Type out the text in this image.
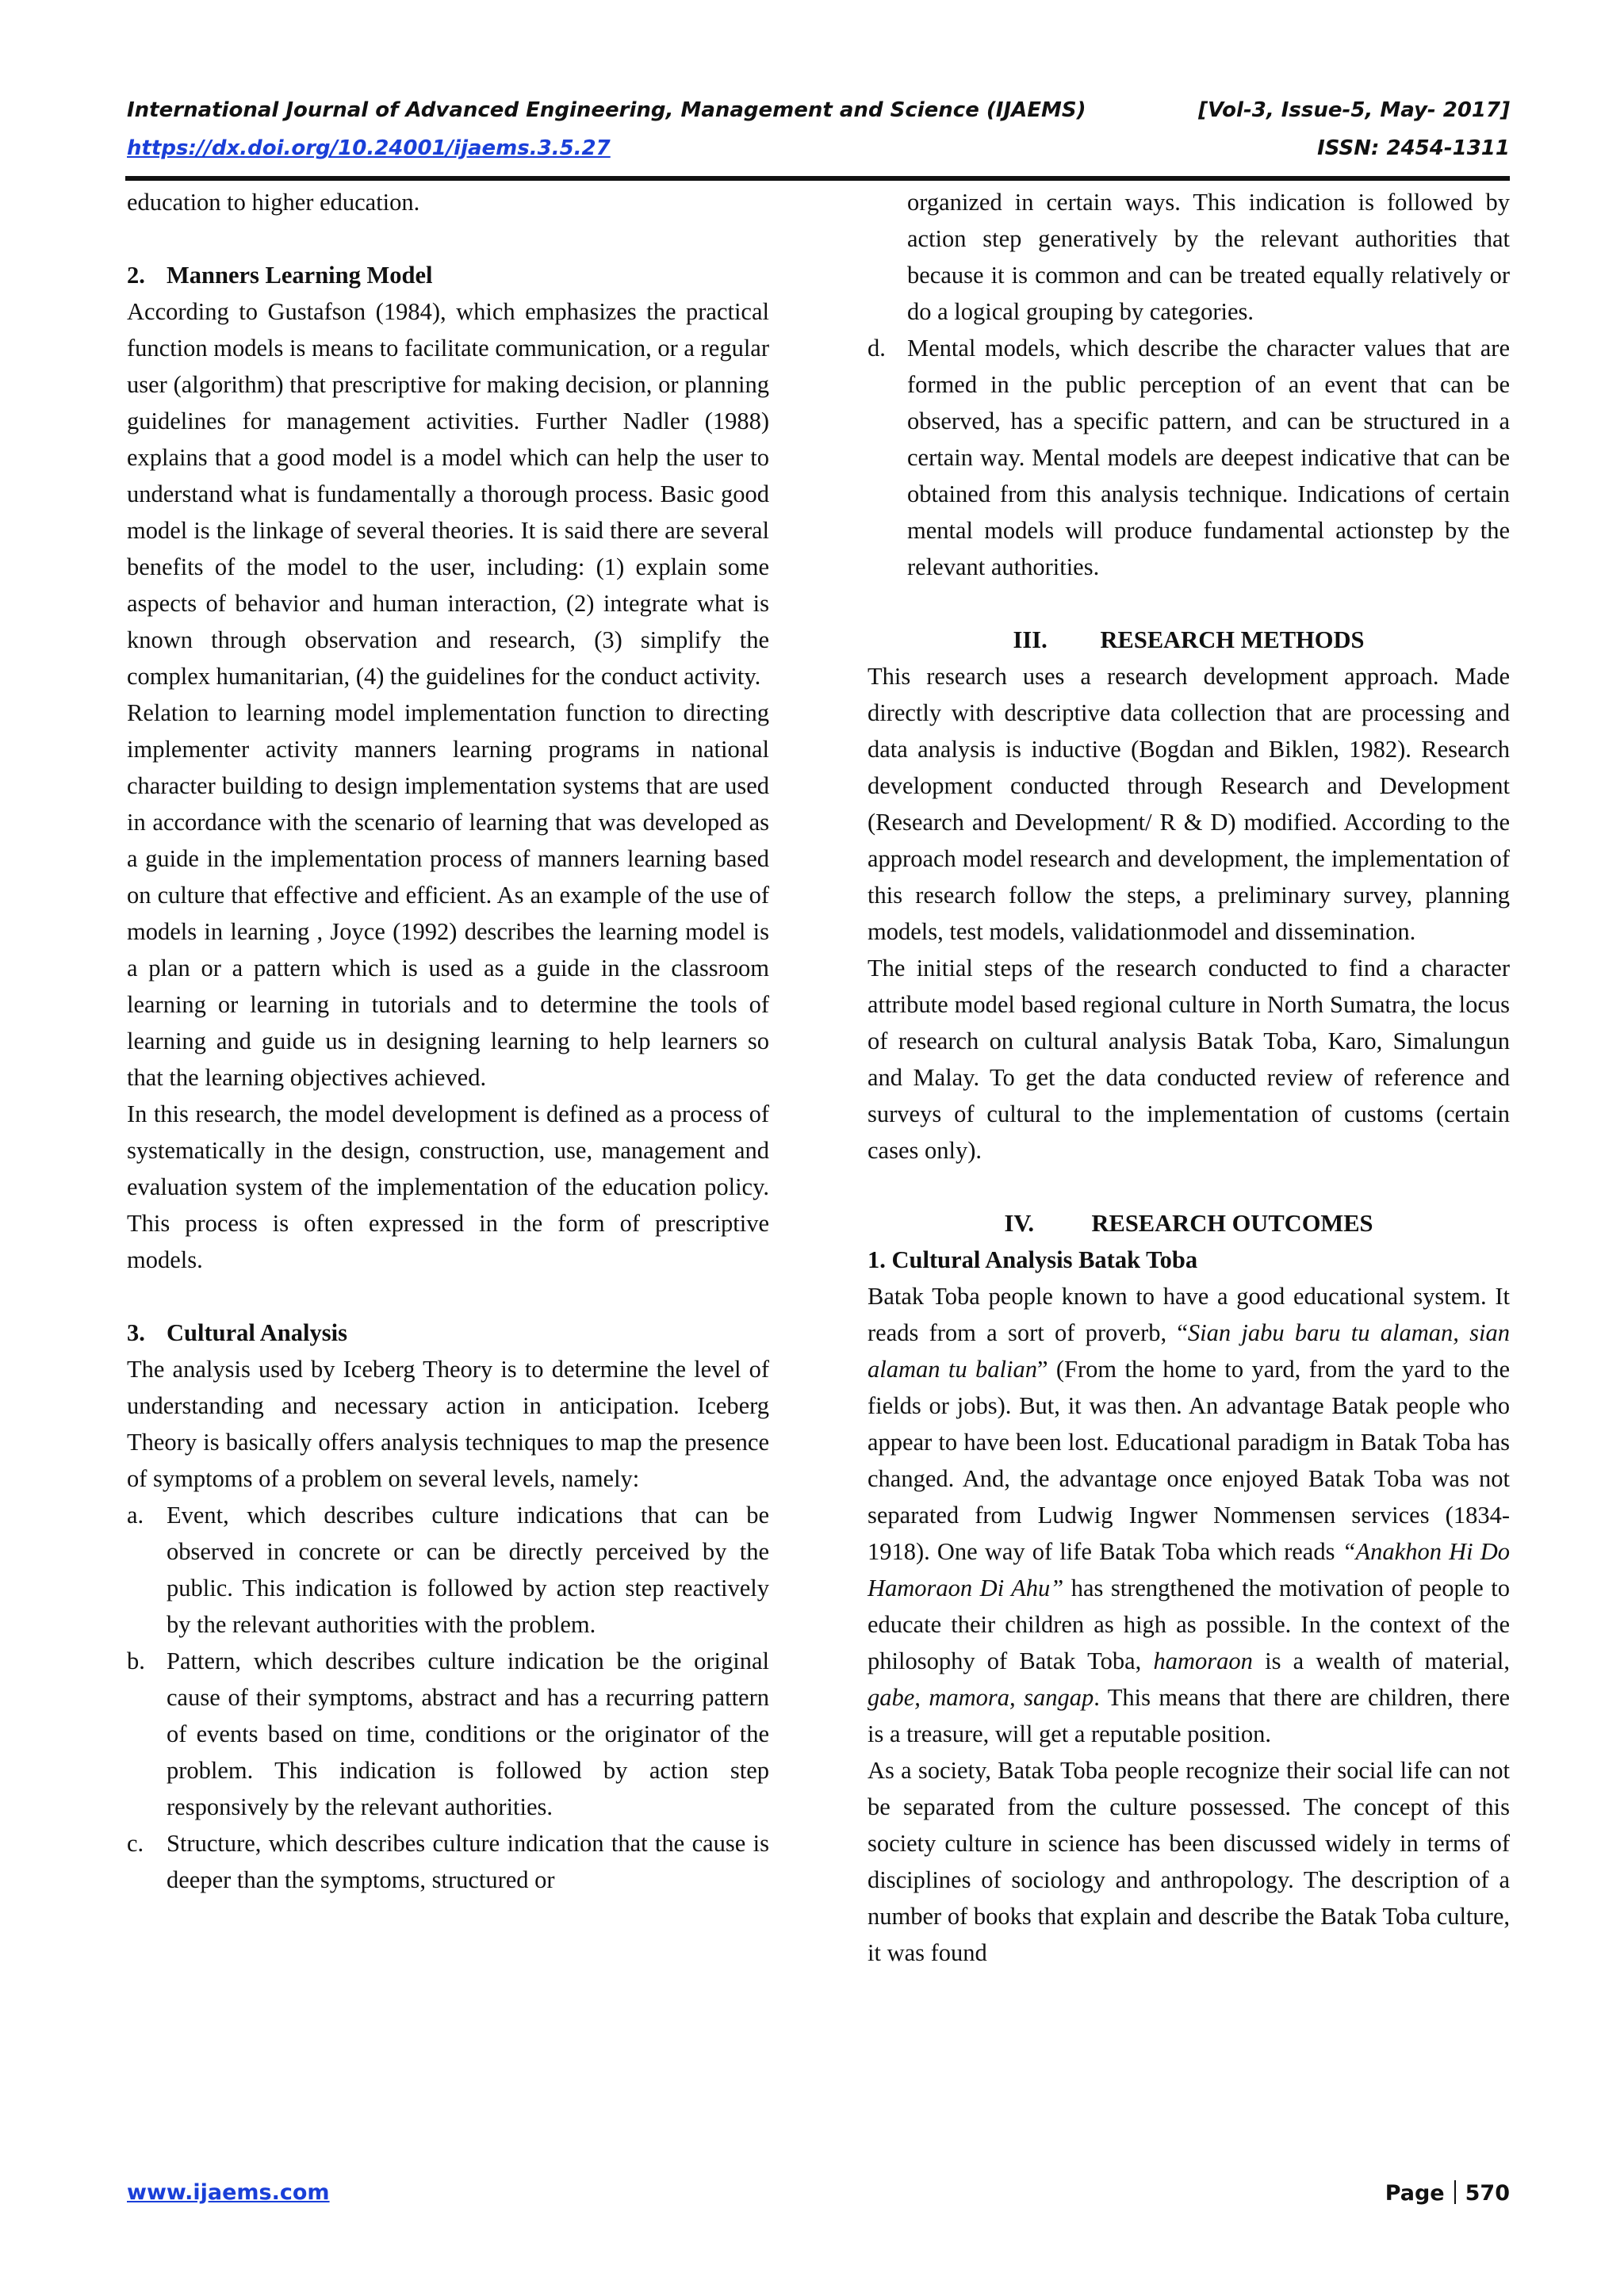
International Journal of Advanced Engineering, Management and Science (IJAEMS)	[Vol-3, Issue-5, May- 2017]
https://dx.doi.org/10.24001/ijaems.3.5.27	ISSN: 2454-1311

education to higher education.

2. Manners Learning Model

According to Gustafson (1984), which emphasizes the practical function models is means to facilitate communication, or a regular user (algorithm) that prescriptive for making decision, or planning guidelines for management activities. Further Nadler (1988) explains that a good model is a model which can help the user to understand what is fundamentally a thorough process. Basic good model is the linkage of several theories. It is said there are several benefits of the model to the user, including: (1) explain some aspects of behavior and human interaction, (2) integrate what is known through observation and research, (3) simplify the complex humanitarian, (4) the guidelines for the conduct activity.

Relation to learning model implementation function to directing implementer activity manners learning programs in national character building to design implementation systems that are used in accordance with the scenario of learning that was developed as a guide in the implementation process of manners learning based on culture that effective and efficient. As an example of the use of models in learning , Joyce (1992) describes the learning model is a plan or a pattern which is used as a guide in the classroom learning or learning in tutorials and to determine the tools of learning and guide us in designing learning to help learners so that the learning objectives achieved.

In this research, the model development is defined as a process of systematically in the design, construction, use, management and evaluation system of the implementation of the education policy. This process is often expressed in the form of prescriptive models.

3. Cultural Analysis

The analysis used by Iceberg Theory is to determine the level of understanding and necessary action in anticipation. Iceberg Theory is basically offers analysis techniques to map the presence of symptoms of a problem on several levels, namely:

a. Event, which describes culture indications that can be observed in concrete or can be directly perceived by the public. This indication is followed by action step reactively by the relevant authorities with the problem.

b. Pattern, which describes culture indication be the original cause of their symptoms, abstract and has a recurring pattern of events based on time, conditions or the originator of the problem. This indication is followed by action step responsively by the relevant authorities.

c. Structure, which describes culture indication that the cause is deeper than the symptoms, structured or

organized in certain ways. This indication is followed by action step generatively by the relevant authorities that because it is common and can be treated equally relatively or do a logical grouping by categories.

d. Mental models, which describe the character values that are formed in the public perception of an event that can be observed, has a specific pattern, and can be structured in a certain way. Mental models are deepest indicative that can be obtained from this analysis technique. Indications of certain mental models will produce fundamental actionstep by the relevant authorities.

III. RESEARCH METHODS

This research uses a research development approach. Made directly with descriptive data collection that are processing and data analysis is inductive (Bogdan and Biklen, 1982). Research development conducted through Research and Development (Research and Development/ R & D) modified. According to the approach model research and development, the implementation of this research follow the steps, a preliminary survey, planning models, test models, validationmodel and dissemination.

The initial steps of the research conducted to find a character attribute model based regional culture in North Sumatra, the locus of research on cultural analysis Batak Toba, Karo, Simalungun and Malay. To get the data conducted review of reference and surveys of cultural to the implementation of customs (certain cases only).

IV. RESEARCH OUTCOMES

1. Cultural Analysis Batak Toba

Batak Toba people known to have a good educational system. It reads from a sort of proverb, “Sian jabu baru tu alaman, sian alaman tu balian” (From the home to yard, from the yard to the fields or jobs). But, it was then. An advantage Batak people who appear to have been lost. Educational paradigm in Batak Toba has changed. And, the advantage once enjoyed Batak Toba was not separated from Ludwig Ingwer Nommensen services (1834-1918). One way of life Batak Toba which reads “Anakhon Hi Do Hamoraon Di Ahu” has strengthened the motivation of people to educate their children as high as possible. In the context of the philosophy of Batak Toba, hamoraon is a wealth of material, gabe, mamora, sangap. This means that there are children, there is a treasure, will get a reputable position.

As a society, Batak Toba people recognize their social life can not be separated from the culture possessed. The concept of this society culture in science has been discussed widely in terms of disciplines of sociology and anthropology. The description of a number of books that explain and describe the Batak Toba culture, it was found

www.ijaems.com	Page 570
